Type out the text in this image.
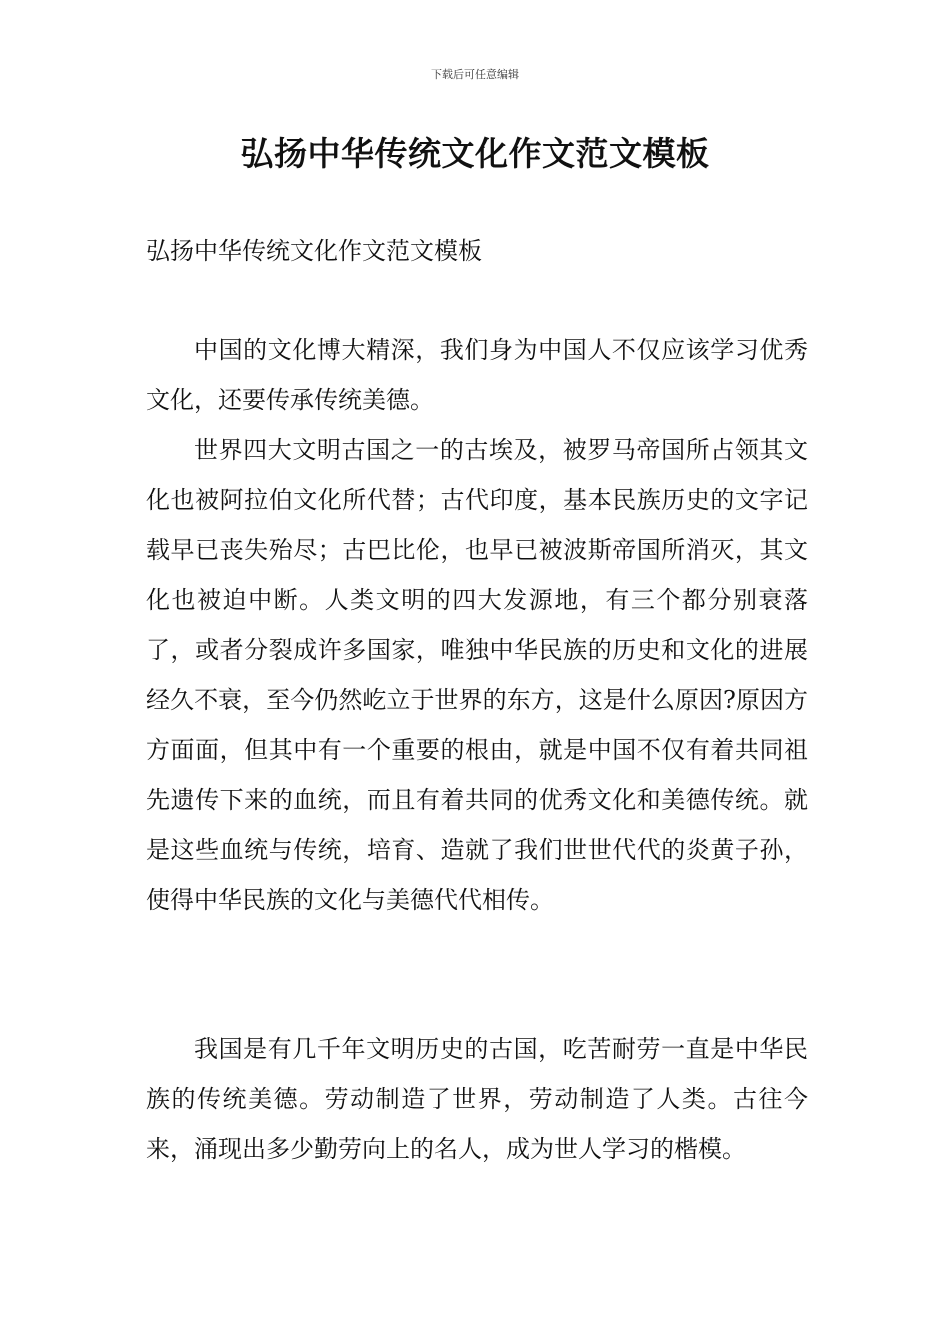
下载后可任意编辑
弘扬中华传统文化作文范文模板

弘扬中华传统文化作文范文模板

中国的文化博大精深，我们身为中国人不仅应该学习优秀文化，还要传承传统美德。

世界四大文明古国之一的古埃及，被罗马帝国所占领其文化也被阿拉伯文化所代替；古代印度，基本民族历史的文字记载早已丧失殆尽；古巴比伦，也早已被波斯帝国所消灭，其文化也被迫中断。人类文明的四大发源地，有三个都分别衰落了，或者分裂成许多国家，唯独中华民族的历史和文化的进展经久不衰，至今仍然屹立于世界的东方，这是什么原因?原因方方面面，但其中有一个重要的根由，就是中国不仅有着共同祖先遗传下来的血统，而且有着共同的优秀文化和美德传统。就是这些血统与传统，培育、造就了我们世世代代的炎黄子孙，使得中华民族的文化与美德代代相传。

我国是有几千年文明历史的古国，吃苦耐劳一直是中华民族的传统美德。劳动制造了世界，劳动制造了人类。古往今来，涌现出多少勤劳向上的名人，成为世人学习的楷模。
